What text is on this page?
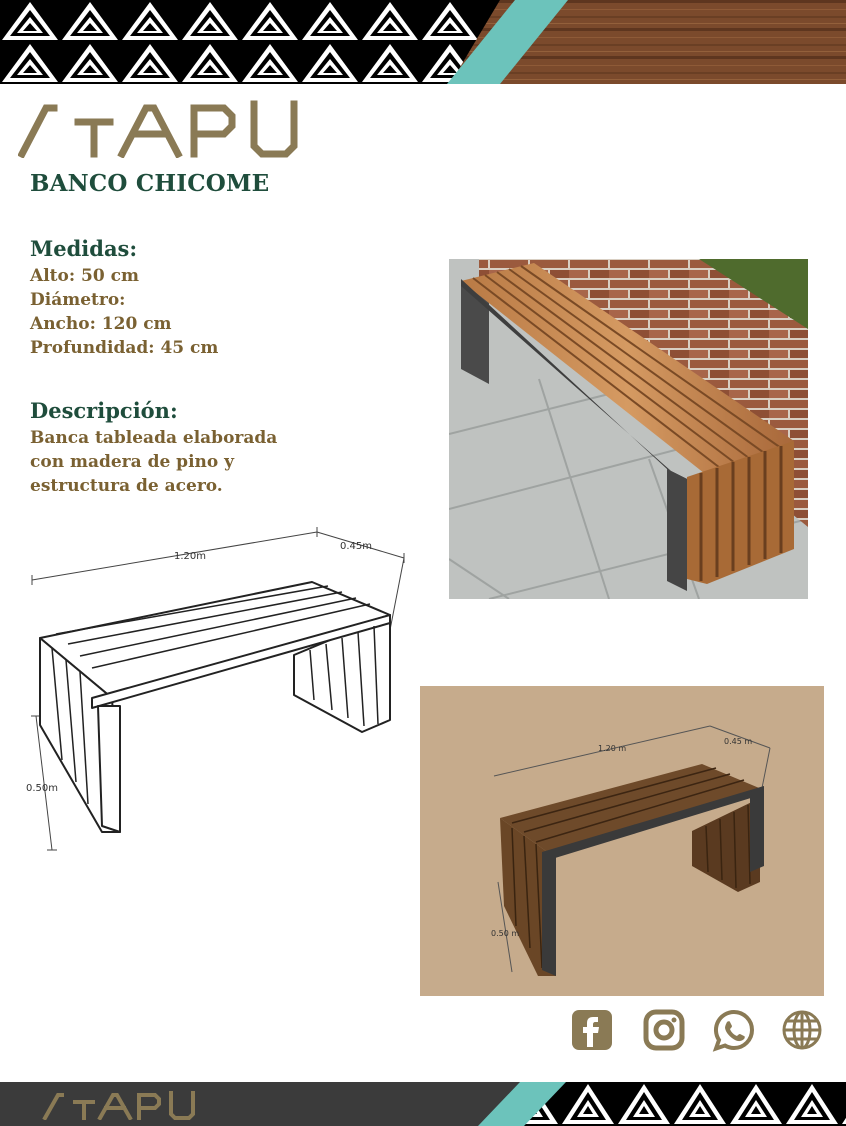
BANCO CHICOME
Medidas:
Alto: 50 cm
Diámetro:
Ancho: 120 cm
Profundidad: 45 cm
Descripción:
Banca tableada elaborada
con madera de pino y
estructura de acero.
1.20m
0.45m
0.50m
1.20 m
0.45 m
0.50 m
